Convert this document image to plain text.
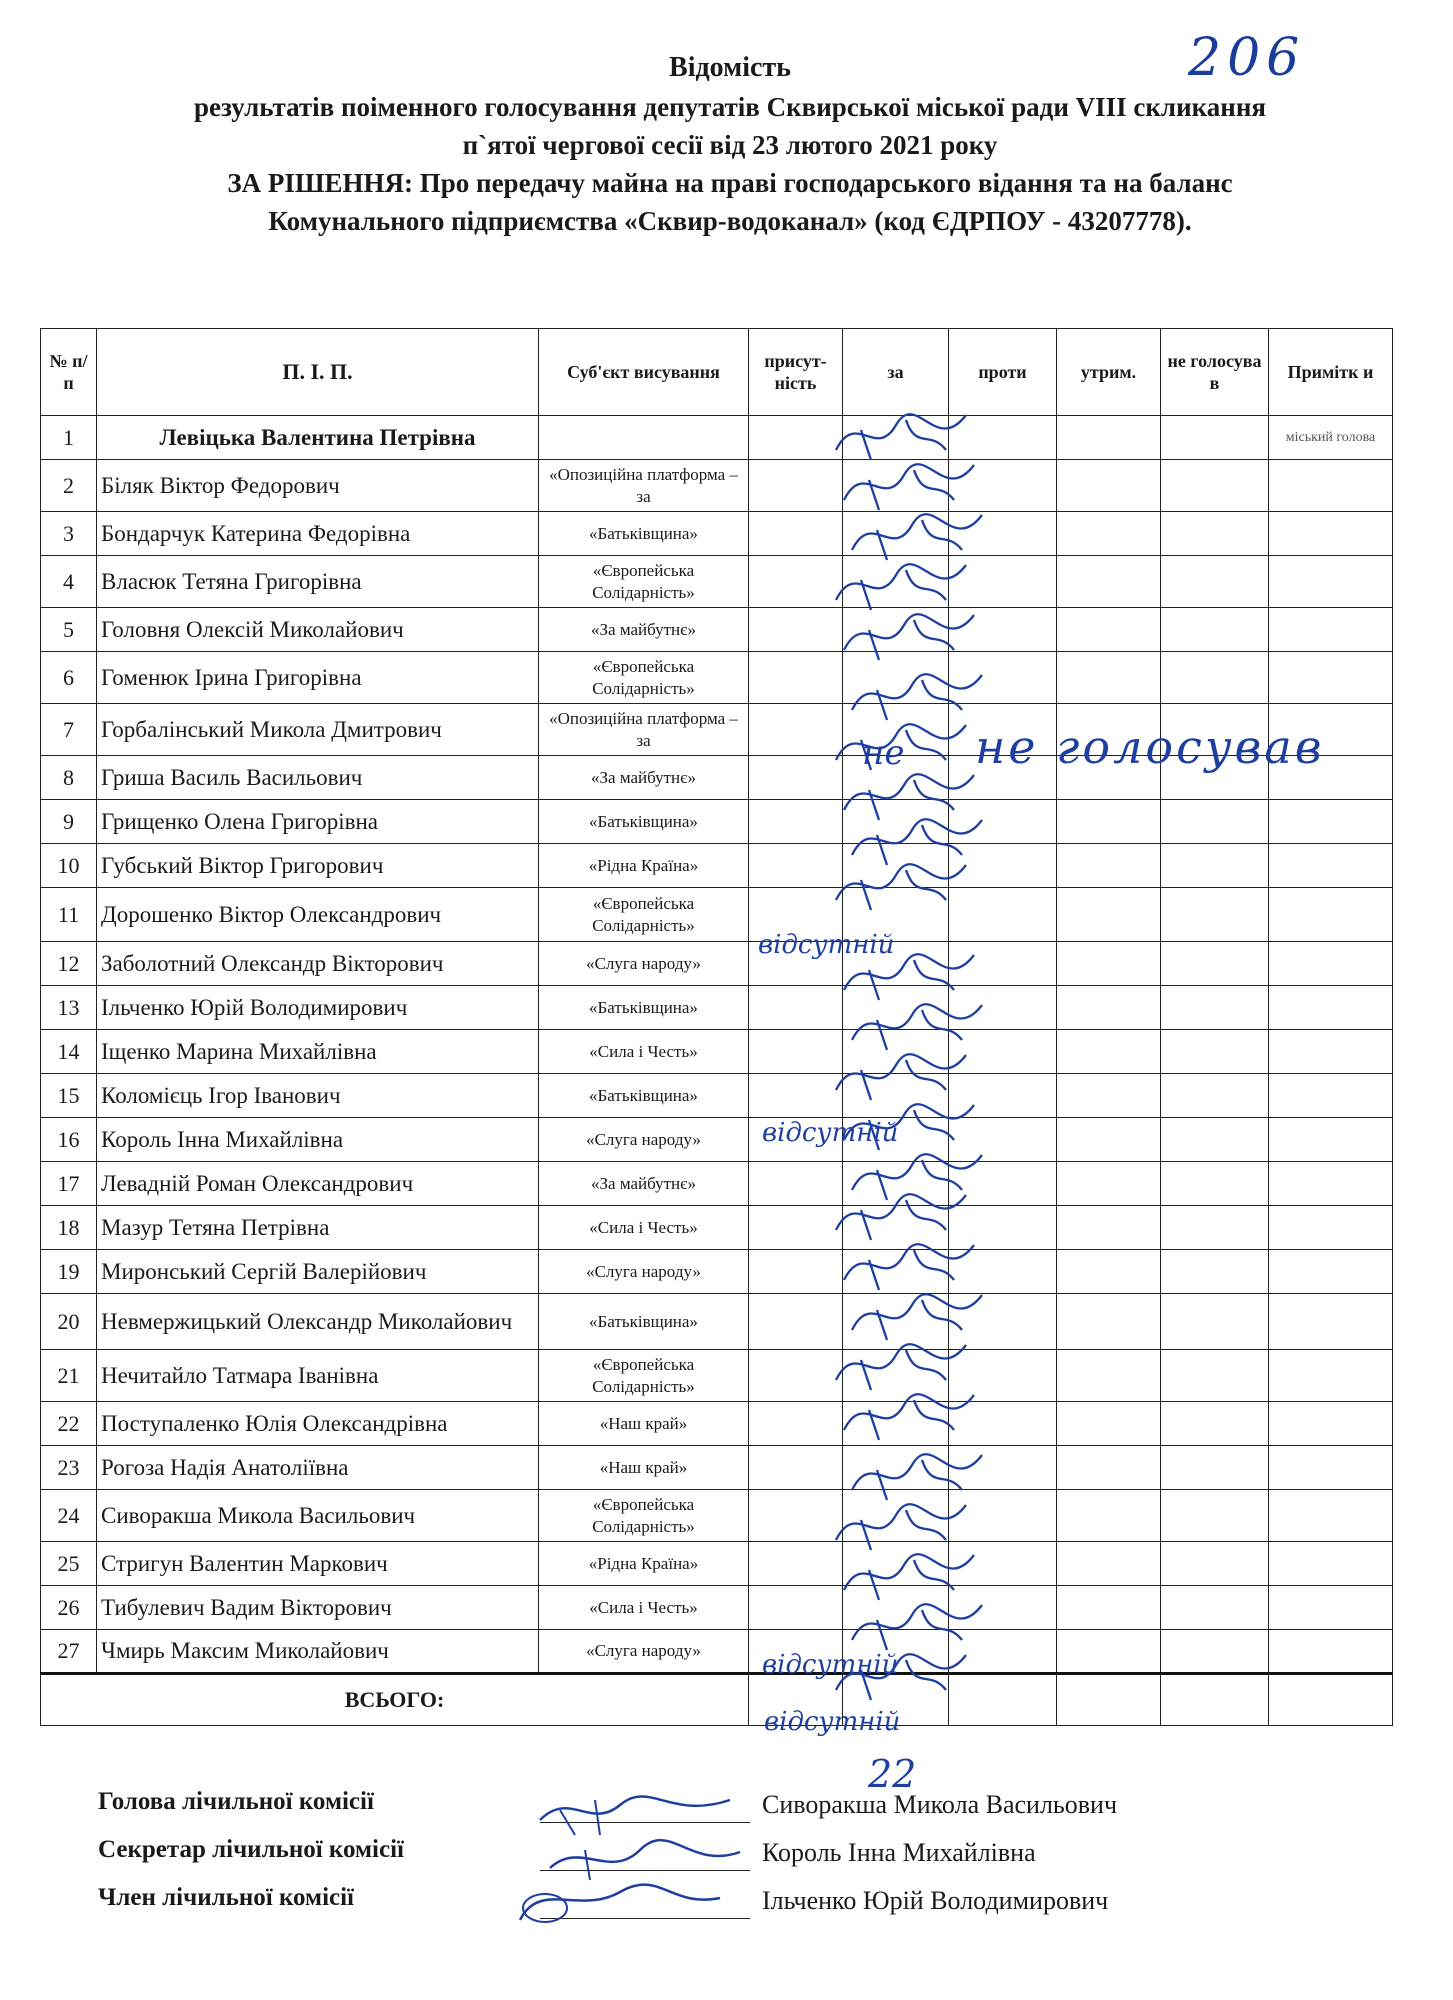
206
Відомість
результатів поіменного голосування депутатів Сквирської міської ради VIII скликання
п`ятої чергової сесії від 23 лютого 2021 року
ЗА РІШЕННЯ: Про передачу майна на праві господарського відання та на баланс
Комунального підприємства «Сквир-водоканал» (код ЄДРПОУ - 43207778).
№ п/п	П. І. П.	Суб'єкт висування	присут-ність	за	проти	утрим.	не голосува в	Примітк и
1	Левіцька Валентина Петрівна							міський голова
2	Біляк Віктор Федорович	«Опозиційна платформа – за						
3	Бондарчук Катерина Федорівна	«Батьківщина»						
4	Власюк Тетяна Григорівна	«Європейська Солідарність»						
5	Головня Олексій Миколайович	«За майбутнє»						
6	Гоменюк Ірина Григорівна	«Європейська Солідарність»						
7	Горбалінський Микола Дмитрович	«Опозиційна платформа – за						
8	Гриша Василь Васильович	«За майбутнє»						
9	Грищенко Олена Григорівна	«Батьківщина»						
10	Губський Віктор Григорович	«Рідна Країна»						
11	Дорошенко Віктор Олександрович	«Європейська Солідарність»						
12	Заболотний Олександр Вікторович	«Слуга народу»						
13	Ільченко Юрій Володимирович	«Батьківщина»						
14	Іщенко Марина Михайлівна	«Сила і Честь»						
15	Коломієць Ігор Іванович	«Батьківщина»						
16	Король Інна Михайлівна	«Слуга народу»						
17	Левадній Роман Олександрович	«За майбутнє»						
18	Мазур Тетяна Петрівна	«Сила і Честь»						
19	Миронський Сергій Валерійович	«Слуга народу»						
20	Невмержицький Олександр Миколайович	«Батьківщина»						
21	Нечитайло Татмара Іванівна	«Європейська Солідарність»						
22	Поступаленко Юлія Олександрівна	«Наш край»						
23	Рогоза Надія Анатоліївна	«Наш край»						
24	Сиворакша Микола Васильович	«Європейська Солідарність»						
25	Стригун Валентин Маркович	«Рідна Країна»						
26	Тибулевич Вадим Вікторович	«Сила і Честь»						
27	Чмирь Максим Миколайович	«Слуга народу»						
ВСЬОГО:								
не голосував
не
відсутній
відсутній
відсутній
відсутній
22
Голова лічильної комісії	Сиворакша Микола Васильович
Секретар лічильної комісії	Король Інна Михайлівна
Член лічильної комісії	Ільченко Юрій Володимирович
